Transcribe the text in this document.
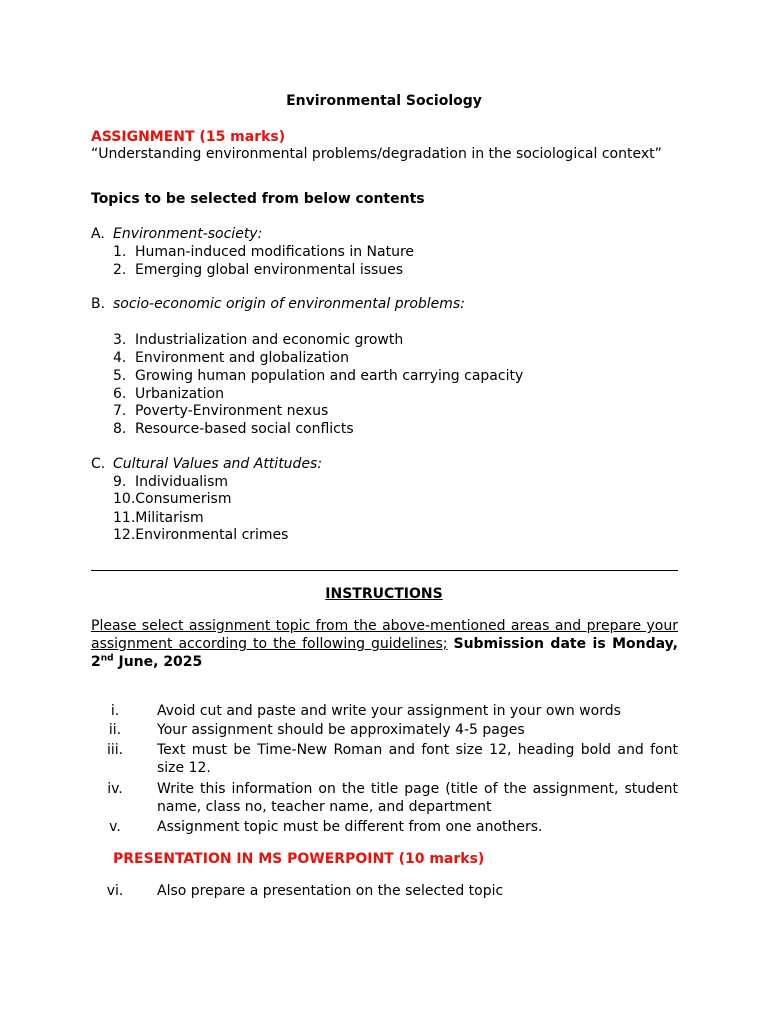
Environmental Sociology
ASSIGNMENT (15 marks)
“Understanding environmental problems/degradation in the sociological context”
Topics to be selected from below contents
A. Environment-society:
1. Human-induced modifications in Nature
2. Emerging global environmental issues
B. socio-economic origin of environmental problems:
3. Industrialization and economic growth
4. Environment and globalization
5. Growing human population and earth carrying capacity
6. Urbanization
7. Poverty-Environment nexus
8. Resource-based social conflicts
C. Cultural Values and Attitudes:
9. Individualism
10.Consumerism
11.Militarism
12.Environmental crimes
INSTRUCTIONS
Please select assignment topic from the above-mentioned areas and prepare your assignment according to the following guidelines; Submission date is Monday, 2nd June, 2025
i.	Avoid cut and paste and write your assignment in your own words
ii.	Your assignment should be approximately 4-5 pages
iii.	Text must be Time-New Roman and font size 12, heading bold and font size 12.
iv.	Write this information on the title page (title of the assignment, student name, class no, teacher name, and department
v.	Assignment topic must be different from one anothers.
PRESENTATION IN MS POWERPOINT (10 marks)
vi.	Also prepare a presentation on the selected topic
